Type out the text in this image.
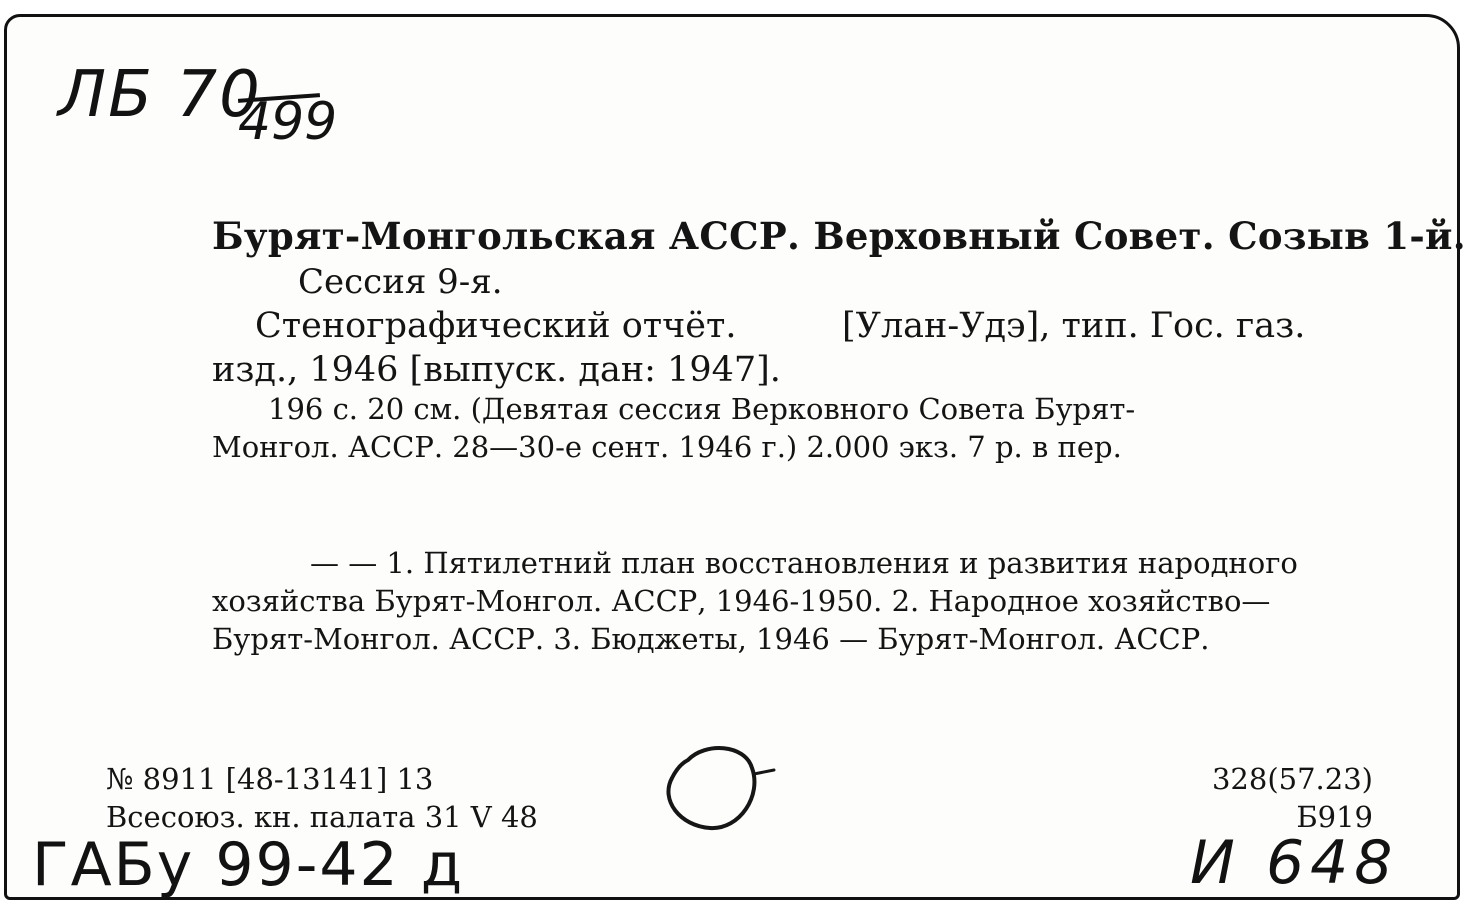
ЛБ 70
499
Бурят-Монгольская АССР. Верховный Совет. Созыв 1-й.
Сессия 9-я.
Стенографический отчёт.	[Улан-Удэ], тип. Гос. газ.
изд., 1946 [выпуск. дан: 1947].
196 с. 20 см. (Девятая сессия Верковного Совета Бурят-
Монгол. АССР. 28—30-е сент. 1946 г.) 2.000 экз. 7 р. в пер.
— — 1. Пятилетний план восстановления и развития народного
хозяйства Бурят-Монгол. АССР, 1946-1950. 2. Народное хозяйство—
Бурят-Монгол. АССР. 3. Бюджеты, 1946 — Бурят-Монгол. АССР.
№ 8911 [48-13141] 13
Всесоюз. кн. палата 31 V 48
328(57.23)
Б919
ГАБу 99-42 д	И 648
